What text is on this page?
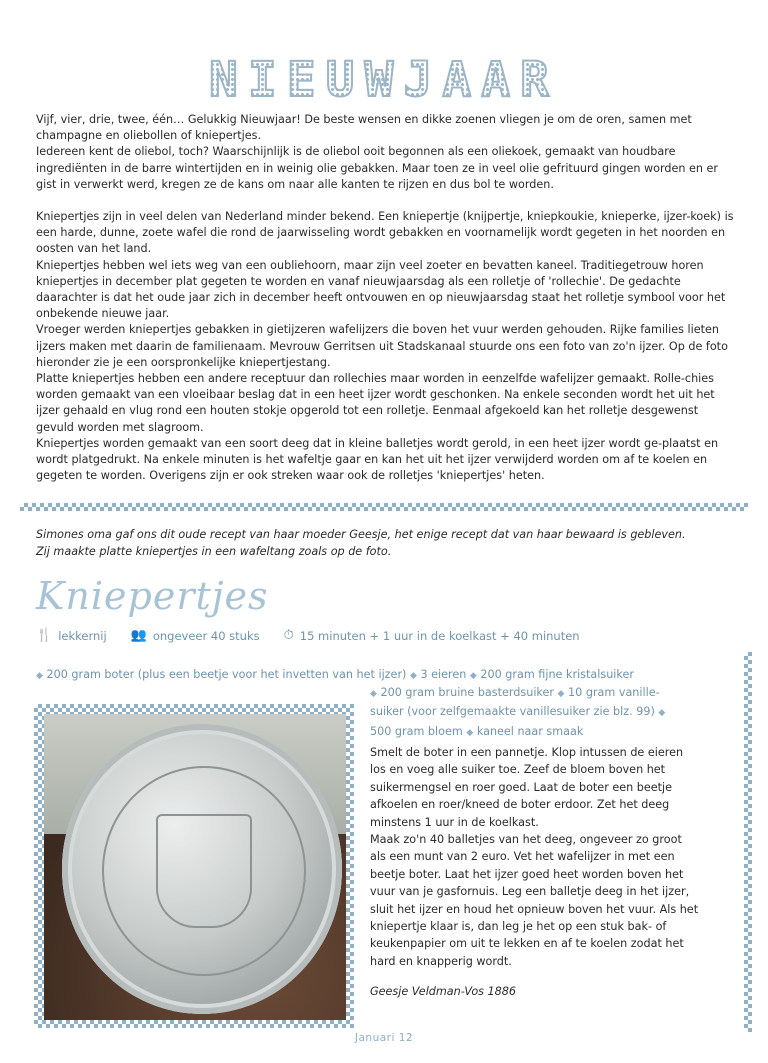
NIEUWJAAR

Vijf, vier, drie, twee, één… Gelukkig Nieuwjaar! De beste wensen en dikke zoenen vliegen je om de oren, samen met champagne en oliebollen of kniepertjes.

Iedereen kent de oliebol, toch? Waarschijnlijk is de oliebol ooit begonnen als een oliekoek, gemaakt van houdbare ingrediënten in de barre wintertijden en in weinig olie gebakken. Maar toen ze in veel olie gefrituurd gingen worden en er gist in verwerkt werd, kregen ze de kans om naar alle kanten te rijzen en dus bol te worden.

Kniepertjes zijn in veel delen van Nederland minder bekend. Een kniepertje (knijpertje, kniepkoukie, knieperke, ijzer-koek) is een harde, dunne, zoete wafel die rond de jaarwisseling wordt gebakken en voornamelijk wordt gegeten in het noorden en oosten van het land.

Kniepertjes hebben wel iets weg van een oubliehoorn, maar zijn veel zoeter en bevatten kaneel. Traditiegetrouw horen kniepertjes in december plat gegeten te worden en vanaf nieuwjaarsdag als een rolletje of 'rollechie'. De gedachte daarachter is dat het oude jaar zich in december heeft ontvouwen en op nieuwjaarsdag staat het rolletje symbool voor het onbekende nieuwe jaar.

Vroeger werden kniepertjes gebakken in gietijzeren wafelijzers die boven het vuur werden gehouden. Rijke families lieten ijzers maken met daarin de familienaam. Mevrouw Gerritsen uit Stadskanaal stuurde ons een foto van zo'n ijzer. Op de foto hieronder zie je een oorspronkelijke kniepertjestang.

Platte kniepertjes hebben een andere receptuur dan rollechies maar worden in eenzelfde wafelijzer gemaakt. Rolle-chies worden gemaakt van een vloeibaar beslag dat in een heet ijzer wordt geschonken. Na enkele seconden wordt het uit het ijzer gehaald en vlug rond een houten stokje opgerold tot een rolletje. Eenmaal afgekoeld kan het rolletje desgewenst gevuld worden met slagroom.

Kniepertjes worden gemaakt van een soort deeg dat in kleine balletjes wordt gerold, in een heet ijzer wordt ge-plaatst en wordt platgedrukt. Na enkele minuten is het wafeltje gaar en kan het uit het ijzer verwijderd worden om af te koelen en gegeten te worden. Overigens zijn er ook streken waar ook de rolletjes 'kniepertjes' heten.

Simones oma gaf ons dit oude recept van haar moeder Geesje, het enige recept dat van haar bewaard is gebleven.

Zij maakte platte kniepertjes in een wafeltang zoals op de foto.

Kniepertjes
🍴 lekkernij 👥 ongeveer 40 stuks ⏱ 15 minuten + 1 uur in de koelkast + 40 minuten
◆ 200 gram boter (plus een beetje voor het invetten van het ijzer) ◆ 3 eieren ◆ 200 gram fijne kristalsuiker
◆ 200 gram bruine basterdsuiker ◆ 10 gram vanille-suiker (voor zelfgemaakte vanillesuiker zie blz. 99) ◆ 500 gram bloem ◆ kaneel naar smaak

Smelt de boter in een pannetje. Klop intussen de eieren los en voeg alle suiker toe. Zeef de bloem boven het suikermengsel en roer goed. Laat de boter een beetje afkoelen en roer/kneed de boter erdoor. Zet het deeg minstens 1 uur in de koelkast.

Maak zo'n 40 balletjes van het deeg, ongeveer zo groot als een munt van 2 euro. Vet het wafelijzer in met een beetje boter. Laat het ijzer goed heet worden boven het vuur van je gasfornuis. Leg een balletje deeg in het ijzer, sluit het ijzer en houd het opnieuw boven het vuur. Als het kniepertje klaar is, dan leg je het op een stuk bak- of keukenpapier om uit te lekken en af te koelen zodat het hard en knapperig wordt.

Geesje Veldman-Vos 1886
Januari 12
